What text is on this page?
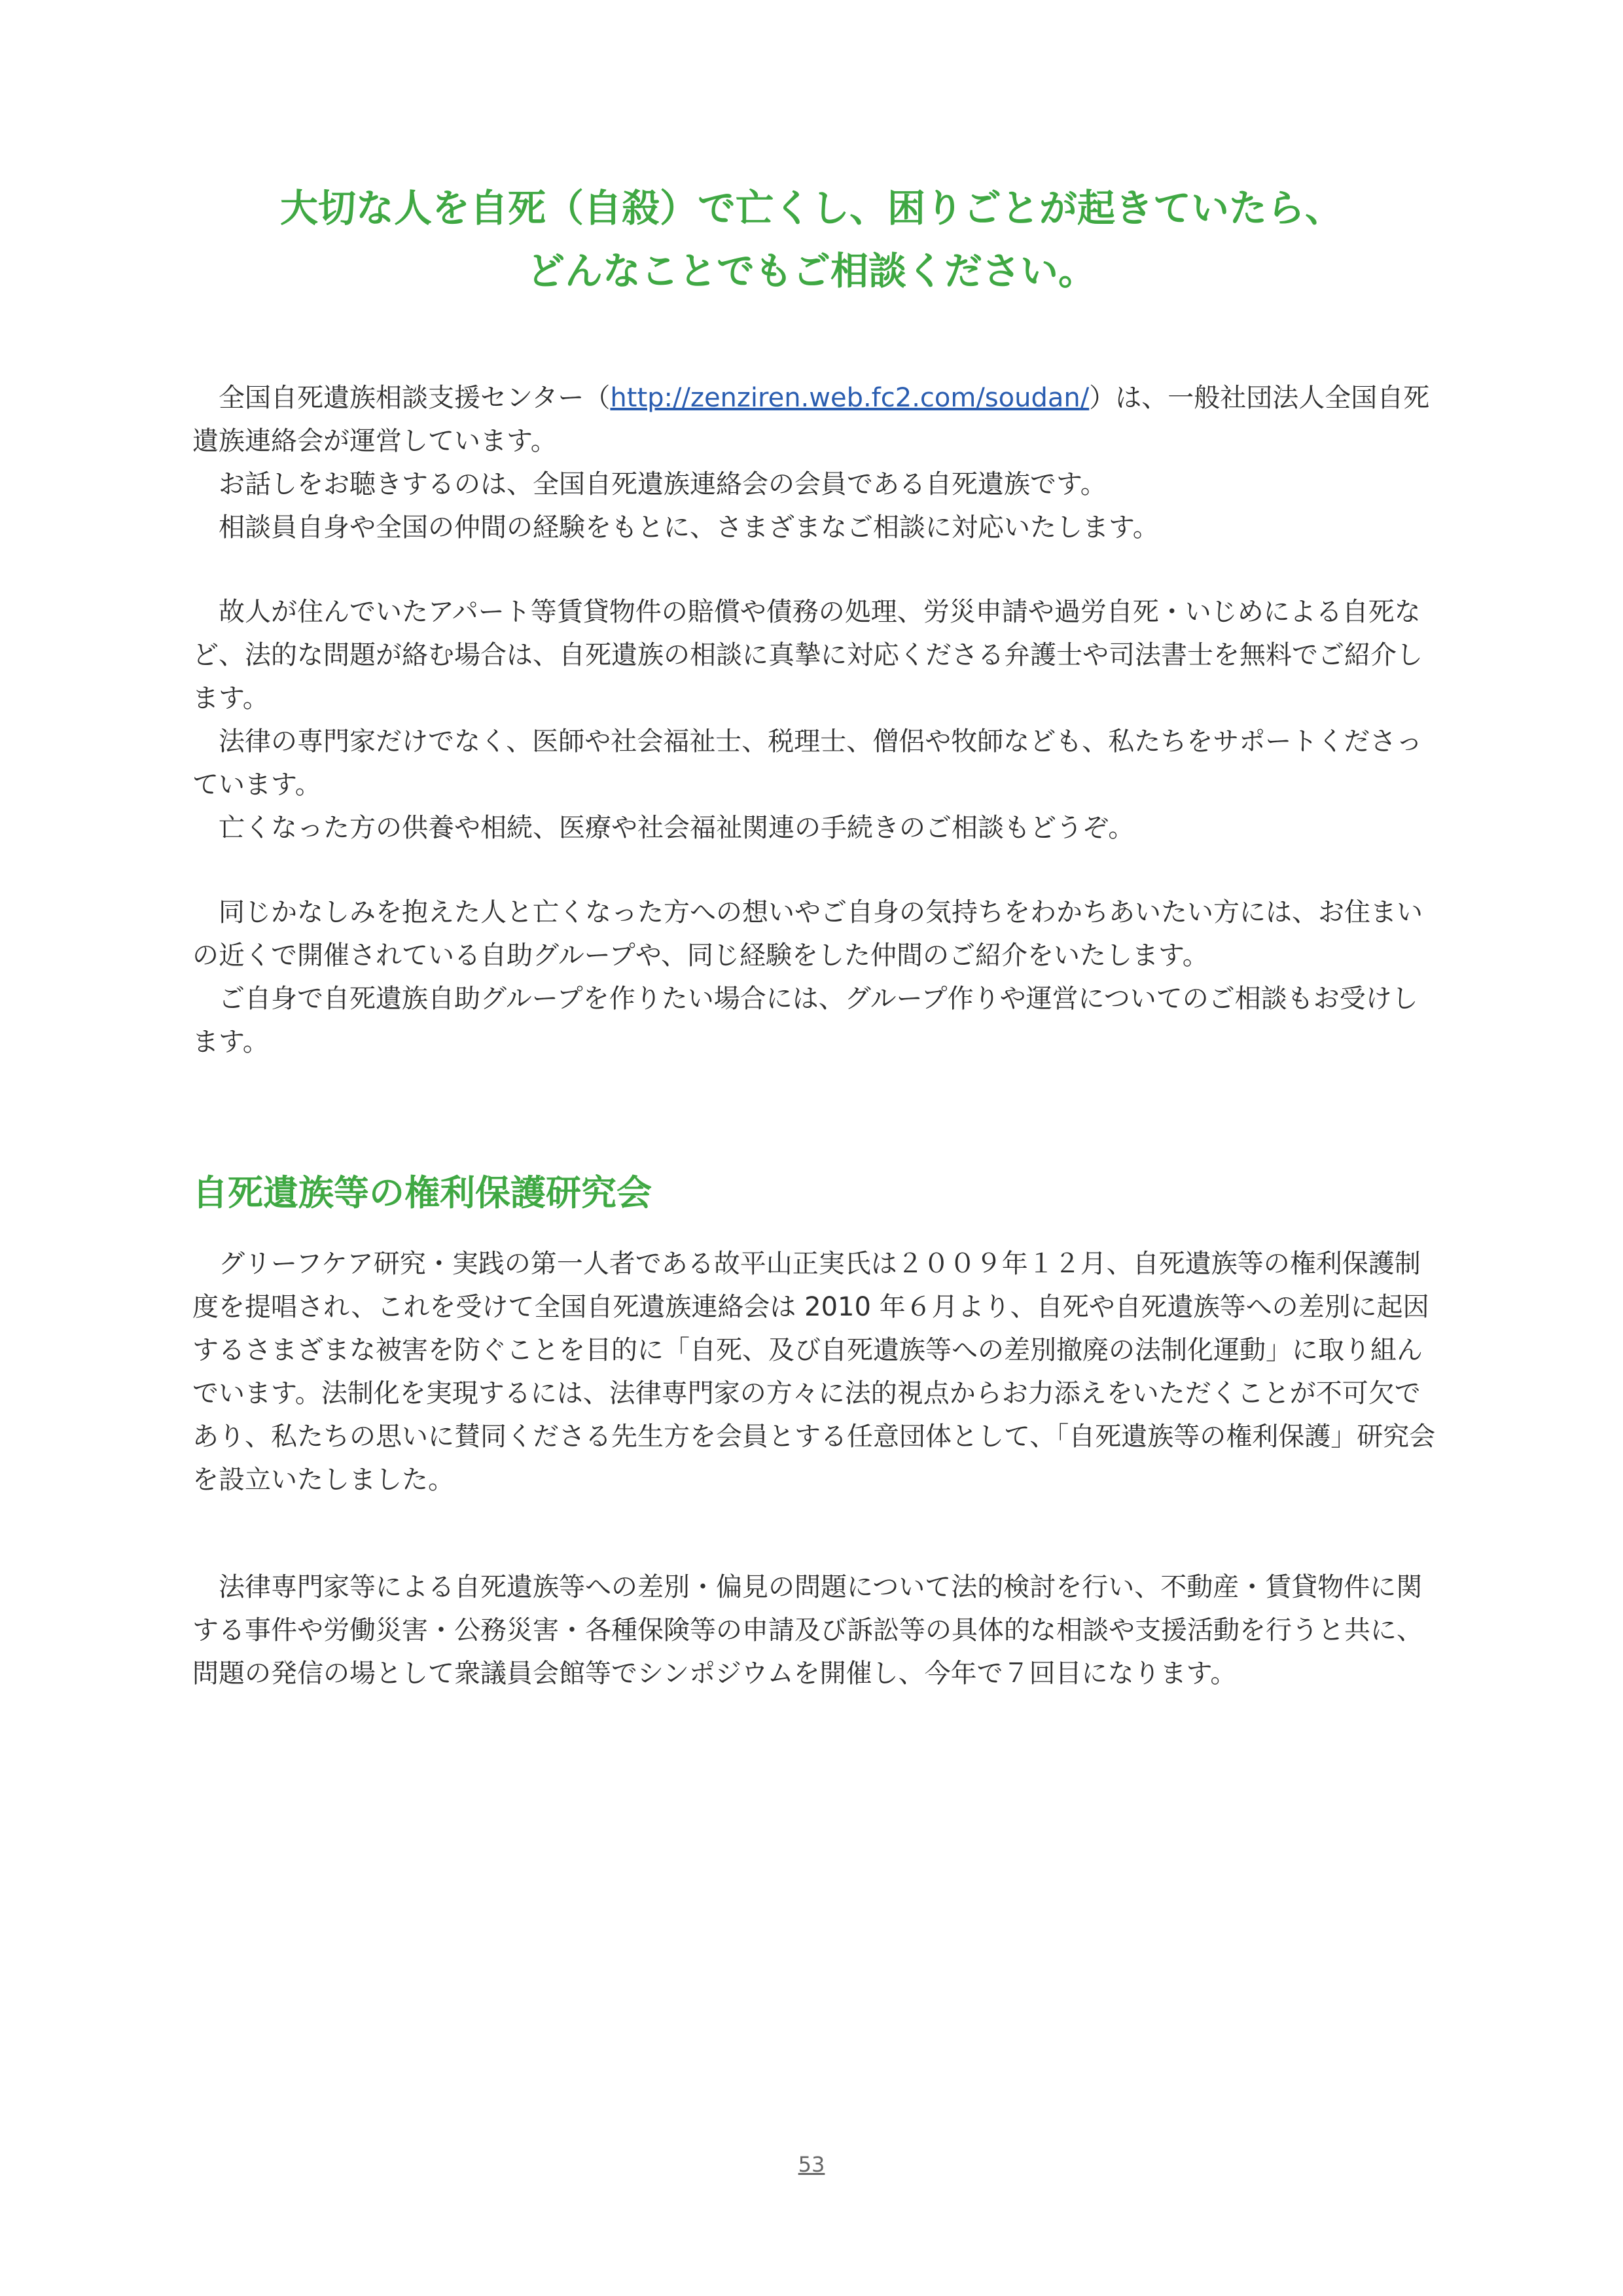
大切な人を自死（自殺）で亡くし、困りごとが起きていたら、
どんなことでもご相談ください。

全国自死遺族相談支援センター（http://zenziren.web.fc2.com/soudan/）は、一般社団法人全国自死遺族連絡会が運営しています。

お話しをお聴きするのは、全国自死遺族連絡会の会員である自死遺族です。

相談員自身や全国の仲間の経験をもとに、さまざまなご相談に対応いたします。

故人が住んでいたアパート等賃貸物件の賠償や債務の処理、労災申請や過労自死・いじめによる自死など、法的な問題が絡む場合は、自死遺族の相談に真摯に対応くださる弁護士や司法書士を無料でご紹介します。

法律の専門家だけでなく、医師や社会福祉士、税理士、僧侶や牧師なども、私たちをサポートくださっています。

亡くなった方の供養や相続、医療や社会福祉関連の手続きのご相談もどうぞ。

同じかなしみを抱えた人と亡くなった方への想いやご自身の気持ちをわかちあいたい方には、お住まいの近くで開催されている自助グループや、同じ経験をした仲間のご紹介をいたします。

ご自身で自死遺族自助グループを作りたい場合には、グループ作りや運営についてのご相談もお受けします。

自死遺族等の権利保護研究会

グリーフケア研究・実践の第一人者である故平山正実氏は２００９年１２月、自死遺族等の権利保護制度を提唱され、これを受けて全国自死遺族連絡会は 2010 年６月より、自死や自死遺族等への差別に起因するさまざまな被害を防ぐことを目的に「自死、及び自死遺族等への差別撤廃の法制化運動」に取り組んでいます。法制化を実現するには、法律専門家の方々に法的視点からお力添えをいただくことが不可欠であり、私たちの思いに賛同くださる先生方を会員とする任意団体として、「自死遺族等の権利保護」研究会を設立いたしました。

法律専門家等による自死遺族等への差別・偏見の問題について法的検討を行い、不動産・賃貸物件に関する事件や労働災害・公務災害・各種保険等の申請及び訴訟等の具体的な相談や支援活動を行うと共に、問題の発信の場として衆議員会館等でシンポジウムを開催し、今年で７回目になります。

53
